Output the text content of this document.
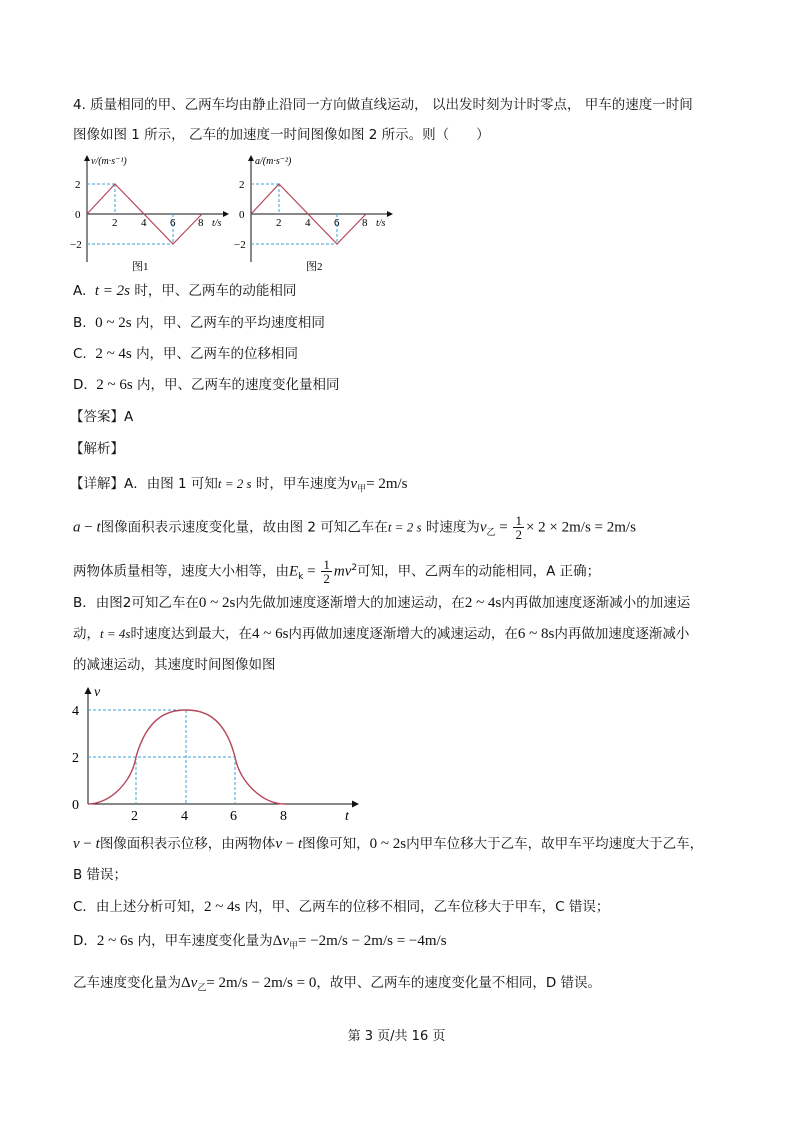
4. 质量相同的甲、乙两车均由静止沿同一方向做直线运动， 以出发时刻为计时零点， 甲车的速度一时间
图像如图 1 所示， 乙车的加速度一时间图像如图 2 所示。则（　　）
v/(m·s⁻¹)
t/s
2
0
−2
2 4 6 8
图1
a/(m·s⁻²)
t/s
2
0
−2
2 4 6 8
图2
A. t = 2s 时，甲、乙两车的动能相同
B. 0 ~ 2s 内，甲、乙两车的平均速度相同
C. 2 ~ 4s 内，甲、乙两车的位移相同
D. 2 ~ 6s 内，甲、乙两车的速度变化量相同
【答案】A
【解析】
【详解】A．由图 1 可知t = 2 s 时，甲车速度为$v_甲= 2m/s$
a − t图像面积表示速度变化量，故由图 2 可知乙车在t = 2 s 时速度为$v_乙 = \frac{1}{2} \times 2 \times 2m/s = 2m/s$
两物体质量相等，速度大小相等，由$E_k = \frac{1}{2} mv^2$可知，甲、乙两车的动能相同，A 正确；
B．由图2可知乙车在0 ~ 2s内先做加速度逐渐增大的加速运动，在2 ~ 4s内再做加速度逐渐减小的加速运
动，t = 4s时速度达到最大，在4 ~ 6s内再做加速度逐渐增大的减速运动，在6 ~ 8s内再做加速度逐渐减小
的减速运动，其速度时间图像如图
v
t
4
2
0
2	4	6	8
v − t图像面积表示位移，由两物体v − t图像可知，0 ~ 2s内甲车位移大于乙车，故甲车平均速度大于乙车，
B 错误；
C．由上述分析可知，2 ~ 4s 内，甲、乙两车的位移不相同，乙车位移大于甲车，C 错误；
D．2 ~ 6s 内，甲车速度变化量为$\Delta v_甲= -2m/s - 2m/s = -4m/s$
乙车速度变化量为$\Delta v_乙= 2m/s - 2m/s = 0$，故甲、乙两车的速度变化量不相同，D 错误。
第 3 页/共 16 页
